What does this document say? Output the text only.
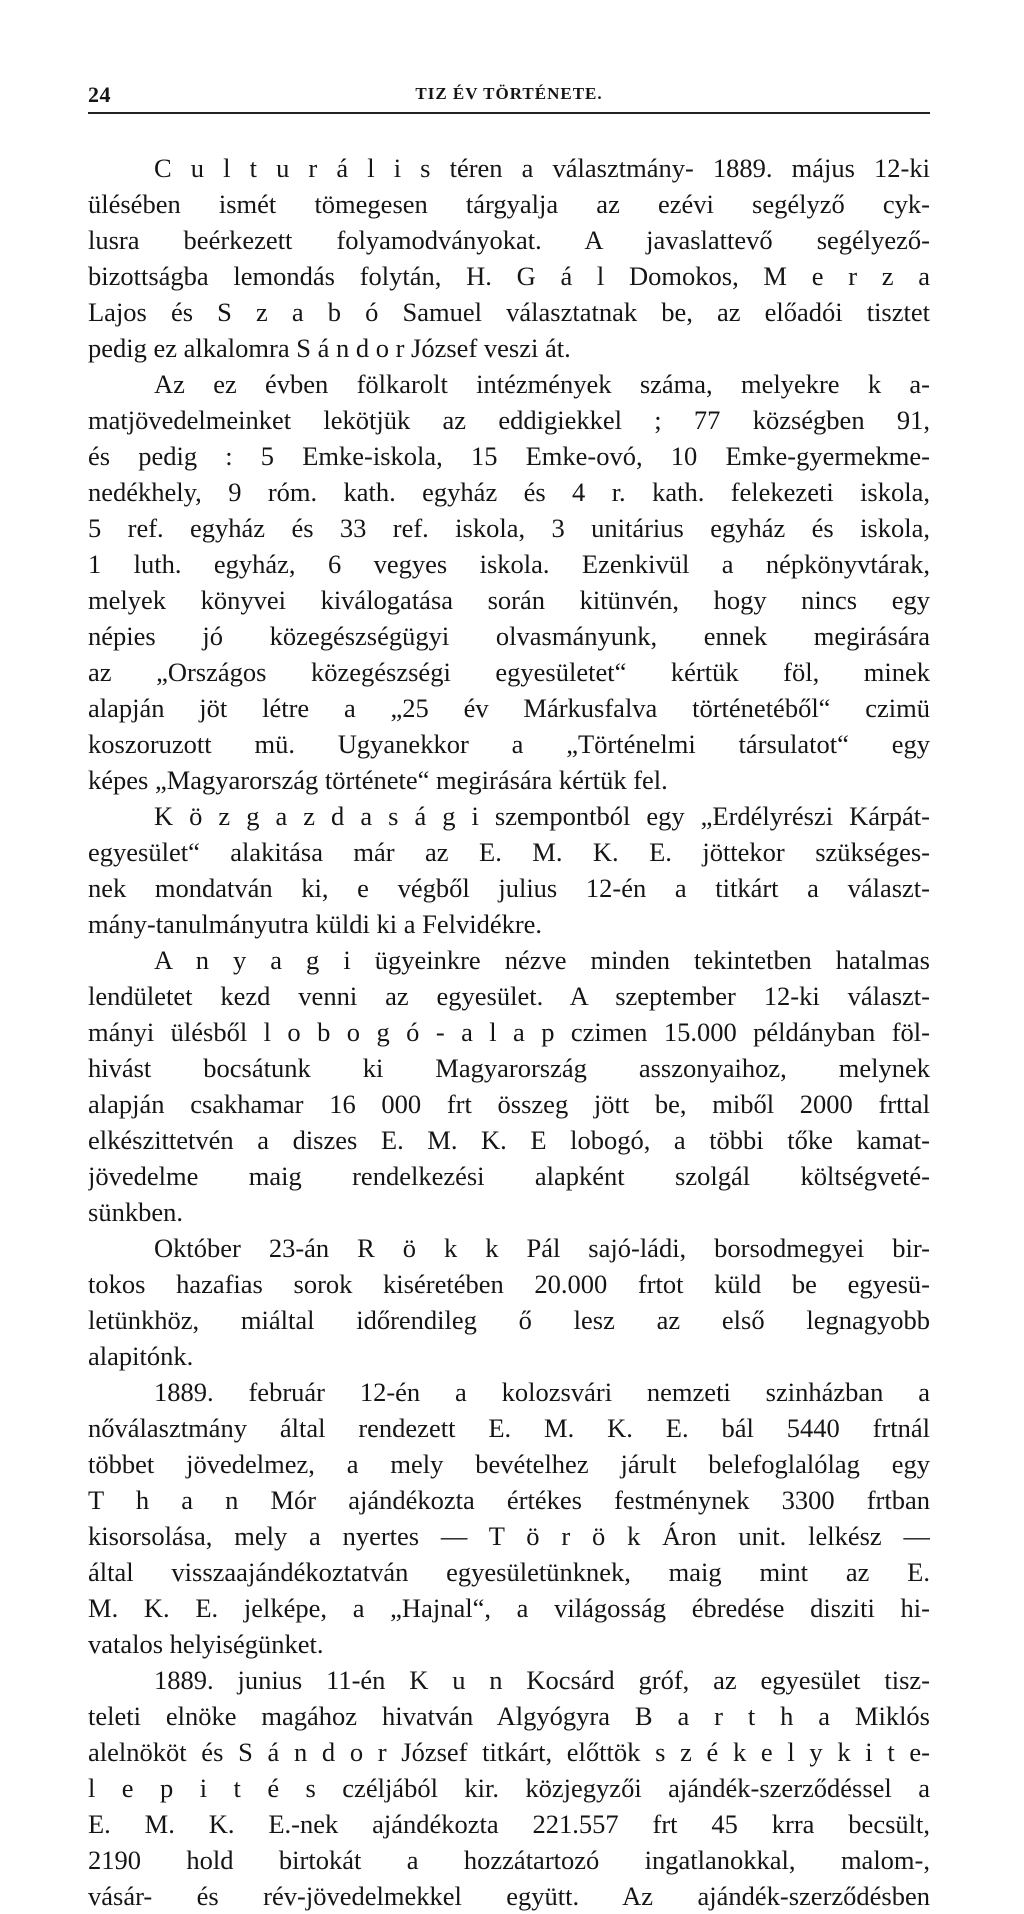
24	TIZ ÉV TÖRTÉNETE.
C u l t u r á l i s téren a választmány- 1889. május 12-ki
ülésében ismét tömegesen tárgyalja az ezévi segélyző cyk-
lusra beérkezett folyamodványokat. A javaslattevő segélyező-
bizottságba lemondás folytán, H. G á l Domokos, M e r z a
Lajos és S z a b ó Samuel választatnak be, az előadói tisztet
pedig ez alkalomra S á n d o r József veszi át.
Az ez évben fölkarolt intézmények száma, melyekre k a-
matjövedelmeinket lekötjük az eddigiekkel ; 77 községben 91,
és pedig : 5 Emke-iskola, 15 Emke-ovó, 10 Emke-gyermekme-
nedékhely, 9 róm. kath. egyház és 4 r. kath. felekezeti iskola,
5 ref. egyház és 33 ref. iskola, 3 unitárius egyház és iskola,
1 luth. egyház, 6 vegyes iskola. Ezenkivül a népkönyvtárak,
melyek könyvei kiválogatása során kitünvén, hogy nincs egy
népies jó közegészségügyi olvasmányunk, ennek megirására
az „Országos közegészségi egyesületet“ kértük föl, minek
alapján jöt létre a „25 év Márkusfalva történetéből“ czimü
koszoruzott mü. Ugyanekkor a „Történelmi társulatot“ egy
képes „Magyarország története“ megirására kértük fel.
K ö z g a z d a s á g i szempontból egy „Erdélyrészi Kárpát-
egyesület“ alakitása már az E. M. K. E. jöttekor szükséges-
nek mondatván ki, e végből julius 12-én a titkárt a választ-
mány-tanulmányutra küldi ki a Felvidékre.
A n y a g i ügyeinkre nézve minden tekintetben hatalmas
lendületet kezd venni az egyesület. A szeptember 12-ki választ-
mányi ülésből l o b o g ó - a l a p czimen 15.000 példányban föl-
hivást bocsátunk ki Magyarország asszonyaihoz, melynek
alapján csakhamar 16 000 frt összeg jött be, miből 2000 frttal
elkészittetvén a diszes E. M. K. E lobogó, a többi tőke kamat-
jövedelme maig rendelkezési alapként szolgál költségveté-
sünkben.
Október 23-án R ö k k Pál sajó-ládi, borsodmegyei bir-
tokos hazafias sorok kiséretében 20.000 frtot küld be egyesü-
letünkhöz, miáltal időrendileg ő lesz az első legnagyobb
alapitónk.
1889. február 12-én a kolozsvári nemzeti szinházban a
nőválasztmány által rendezett E. M. K. E. bál 5440 frtnál
többet jövedelmez, a mely bevételhez járult belefoglalólag egy
T h a n Mór ajándékozta értékes festménynek 3300 frtban
kisorsolása, mely a nyertes — T ö r ö k Áron unit. lelkész —
által visszaajándékoztatván egyesületünknek, maig mint az E.
M. K. E. jelképe, a „Hajnal“, a világosság ébredése disziti hi-
vatalos helyiségünket.
1889. junius 11-én K u n Kocsárd gróf, az egyesület tisz-
teleti elnöke magához hivatván Algyógyra B a r t h a Miklós
alelnököt és S á n d o r József titkárt, előttök s z é k e l y k i t e-
l e p i t é s czéljából kir. közjegyzői ajándék-szerződéssel a
E. M. K. E.-nek ajándékozta 221.557 frt 45 krra becsült,
2190 hold birtokát a hozzátartozó ingatlanokkal, malom-,
vásár- és rév-jövedelmekkel együtt. Az ajándék-szerződésben
